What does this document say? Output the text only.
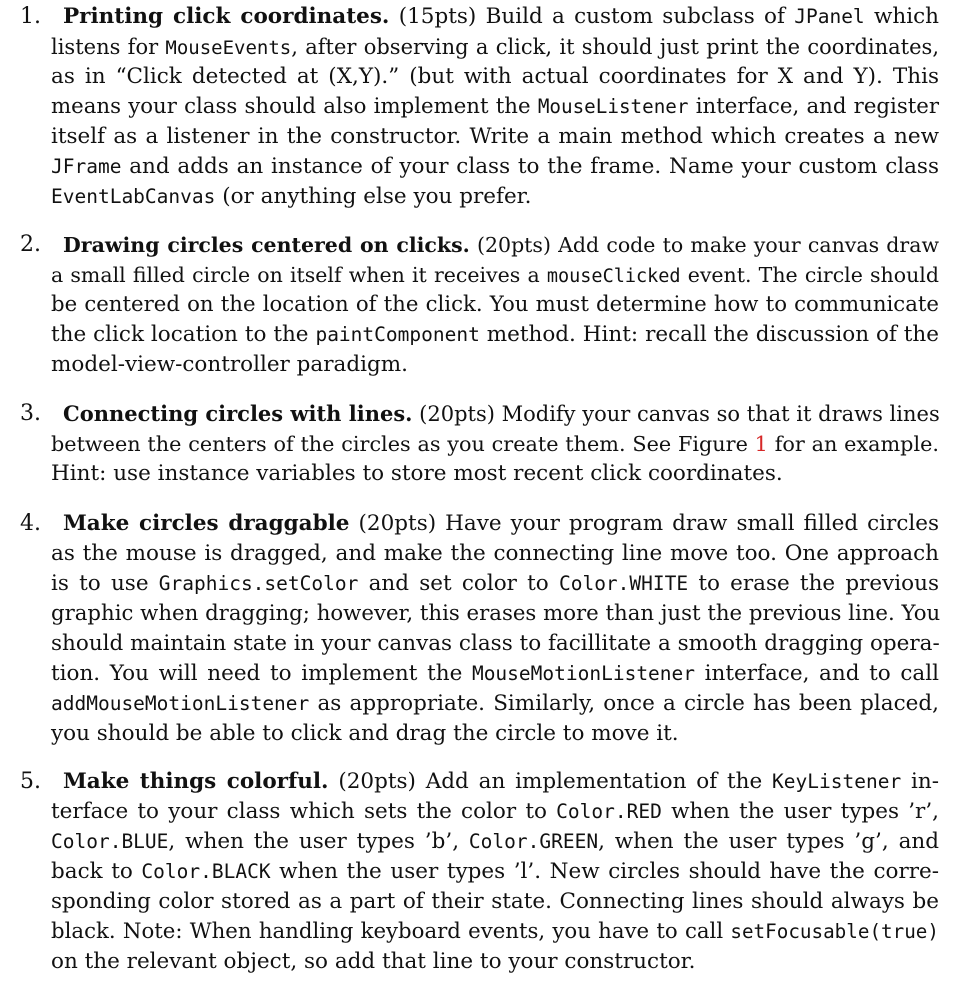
1. Printing click coordinates. (15pts) Build a custom subclass of JPanel which
listens for MouseEvents, after observing a click, it should just print the coordinates,
as in “Click detected at (X,Y).” (but with actual coordinates for X and Y). This
means your class should also implement the MouseListener interface, and register
itself as a listener in the constructor. Write a main method which creates a new
JFrame and adds an instance of your class to the frame. Name your custom class
EventLabCanvas (or anything else you prefer.
2. Drawing circles centered on clicks. (20pts) Add code to make your canvas draw
a small filled circle on itself when it receives a mouseClicked event. The circle should
be centered on the location of the click. You must determine how to communicate
the click location to the paintComponent method. Hint: recall the discussion of the
model-view-controller paradigm.
3. Connecting circles with lines. (20pts) Modify your canvas so that it draws lines
between the centers of the circles as you create them. See Figure 1 for an example.
Hint: use instance variables to store most recent click coordinates.
4. Make circles draggable (20pts) Have your program draw small filled circles
as the mouse is dragged, and make the connecting line move too. One approach
is to use Graphics.setColor and set color to Color.WHITE to erase the previous
graphic when dragging; however, this erases more than just the previous line. You
should maintain state in your canvas class to facillitate a smooth dragging opera-
tion. You will need to implement the MouseMotionListener interface, and to call
addMouseMotionListener as appropriate. Similarly, once a circle has been placed,
you should be able to click and drag the circle to move it.
5. Make things colorful. (20pts) Add an implementation of the KeyListener in-
terface to your class which sets the color to Color.RED when the user types ’r’,
Color.BLUE, when the user types ’b’, Color.GREEN, when the user types ’g’, and
back to Color.BLACK when the user types ’l’. New circles should have the corre-
sponding color stored as a part of their state. Connecting lines should always be
black. Note: When handling keyboard events, you have to call setFocusable(true)
on the relevant object, so add that line to your constructor.
